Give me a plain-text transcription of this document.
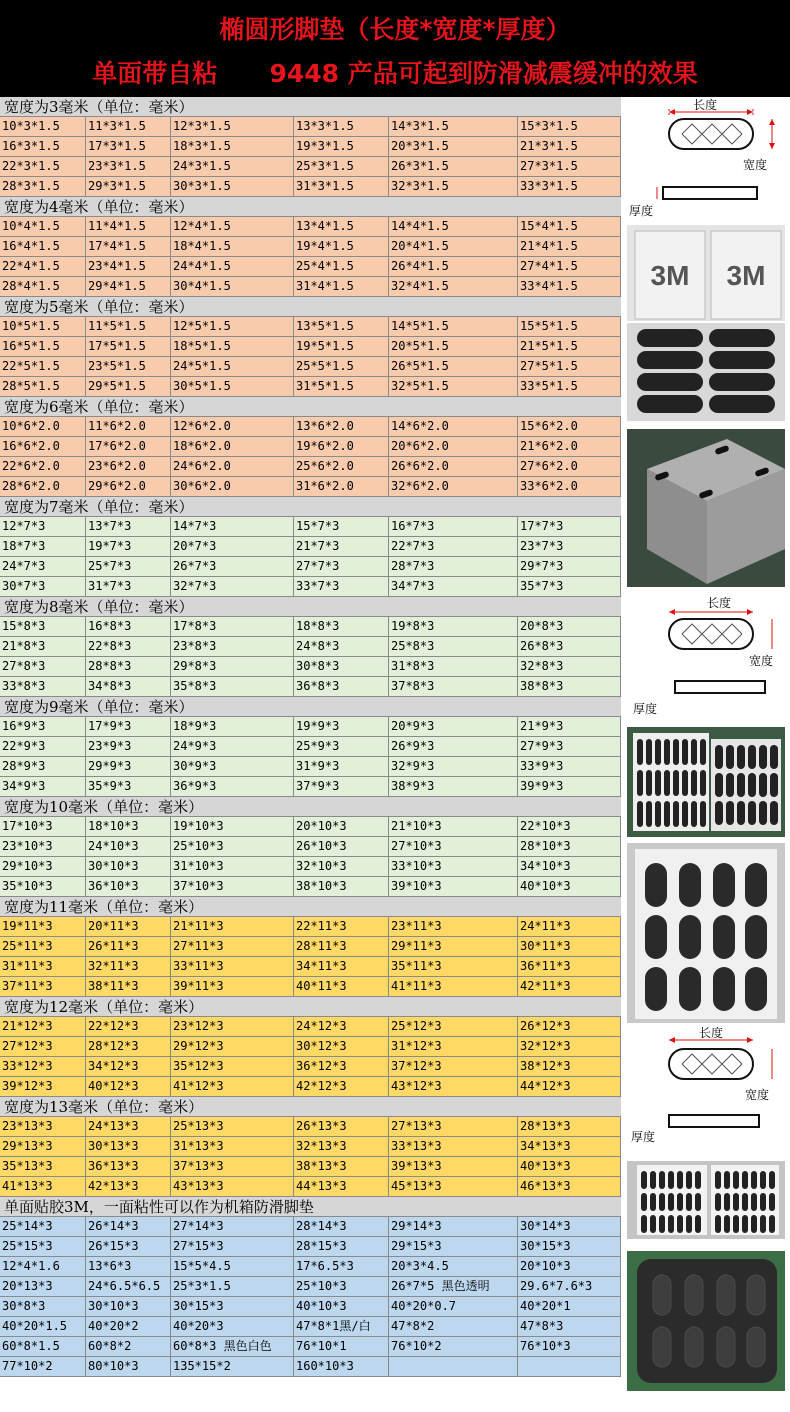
椭圆形脚垫（长度*宽度*厚度）
单面带自粘      9448 产品可起到防滑减震缓冲的效果
宽度为3毫米（单位：毫米）
10*3*1.5	11*3*1.5	12*3*1.5	13*3*1.5	14*3*1.5	15*3*1.5
16*3*1.5	17*3*1.5	18*3*1.5	19*3*1.5	20*3*1.5	21*3*1.5
22*3*1.5	23*3*1.5	24*3*1.5	25*3*1.5	26*3*1.5	27*3*1.5
28*3*1.5	29*3*1.5	30*3*1.5	31*3*1.5	32*3*1.5	33*3*1.5
宽度为4毫米（单位：毫米）
10*4*1.5	11*4*1.5	12*4*1.5	13*4*1.5	14*4*1.5	15*4*1.5
16*4*1.5	17*4*1.5	18*4*1.5	19*4*1.5	20*4*1.5	21*4*1.5
22*4*1.5	23*4*1.5	24*4*1.5	25*4*1.5	26*4*1.5	27*4*1.5
28*4*1.5	29*4*1.5	30*4*1.5	31*4*1.5	32*4*1.5	33*4*1.5
宽度为5毫米（单位：毫米）
10*5*1.5	11*5*1.5	12*5*1.5	13*5*1.5	14*5*1.5	15*5*1.5
16*5*1.5	17*5*1.5	18*5*1.5	19*5*1.5	20*5*1.5	21*5*1.5
22*5*1.5	23*5*1.5	24*5*1.5	25*5*1.5	26*5*1.5	27*5*1.5
28*5*1.5	29*5*1.5	30*5*1.5	31*5*1.5	32*5*1.5	33*5*1.5
宽度为6毫米（单位：毫米）
10*6*2.0	11*6*2.0	12*6*2.0	13*6*2.0	14*6*2.0	15*6*2.0
16*6*2.0	17*6*2.0	18*6*2.0	19*6*2.0	20*6*2.0	21*6*2.0
22*6*2.0	23*6*2.0	24*6*2.0	25*6*2.0	26*6*2.0	27*6*2.0
28*6*2.0	29*6*2.0	30*6*2.0	31*6*2.0	32*6*2.0	33*6*2.0
宽度为7毫米（单位：毫米）
12*7*3	13*7*3	14*7*3	15*7*3	16*7*3	17*7*3
18*7*3	19*7*3	20*7*3	21*7*3	22*7*3	23*7*3
24*7*3	25*7*3	26*7*3	27*7*3	28*7*3	29*7*3
30*7*3	31*7*3	32*7*3	33*7*3	34*7*3	35*7*3
宽度为8毫米（单位：毫米）
15*8*3	16*8*3	17*8*3	18*8*3	19*8*3	20*8*3
21*8*3	22*8*3	23*8*3	24*8*3	25*8*3	26*8*3
27*8*3	28*8*3	29*8*3	30*8*3	31*8*3	32*8*3
33*8*3	34*8*3	35*8*3	36*8*3	37*8*3	38*8*3
宽度为9毫米（单位：毫米）
16*9*3	17*9*3	18*9*3	19*9*3	20*9*3	21*9*3
22*9*3	23*9*3	24*9*3	25*9*3	26*9*3	27*9*3
28*9*3	29*9*3	30*9*3	31*9*3	32*9*3	33*9*3
34*9*3	35*9*3	36*9*3	37*9*3	38*9*3	39*9*3
宽度为10毫米（单位：毫米）
17*10*3	18*10*3	19*10*3	20*10*3	21*10*3	22*10*3
23*10*3	24*10*3	25*10*3	26*10*3	27*10*3	28*10*3
29*10*3	30*10*3	31*10*3	32*10*3	33*10*3	34*10*3
35*10*3	36*10*3	37*10*3	38*10*3	39*10*3	40*10*3
宽度为11毫米（单位：毫米）
19*11*3	20*11*3	21*11*3	22*11*3	23*11*3	24*11*3
25*11*3	26*11*3	27*11*3	28*11*3	29*11*3	30*11*3
31*11*3	32*11*3	33*11*3	34*11*3	35*11*3	36*11*3
37*11*3	38*11*3	39*11*3	40*11*3	41*11*3	42*11*3
宽度为12毫米（单位：毫米）
21*12*3	22*12*3	23*12*3	24*12*3	25*12*3	26*12*3
27*12*3	28*12*3	29*12*3	30*12*3	31*12*3	32*12*3
33*12*3	34*12*3	35*12*3	36*12*3	37*12*3	38*12*3
39*12*3	40*12*3	41*12*3	42*12*3	43*12*3	44*12*3
宽度为13毫米（单位：毫米）
23*13*3	24*13*3	25*13*3	26*13*3	27*13*3	28*13*3
29*13*3	30*13*3	31*13*3	32*13*3	33*13*3	34*13*3
35*13*3	36*13*3	37*13*3	38*13*3	39*13*3	40*13*3
41*13*3	42*13*3	43*13*3	44*13*3	45*13*3	46*13*3
单面贴胶3M，一面粘性可以作为机箱防滑脚垫
25*14*3	26*14*3	27*14*3	28*14*3	29*14*3	30*14*3
25*15*3	26*15*3	27*15*3	28*15*3	29*15*3	30*15*3
12*4*1.6	13*6*3	15*5*4.5	17*6.5*3	20*3*4.5	20*10*3
20*13*3	24*6.5*6.5	25*3*1.5	25*10*3	26*7*5 黑色透明	29.6*7.6*3
30*8*3	30*10*3	30*15*3	40*10*3	40*20*0.7	40*20*1
40*20*1.5	40*20*2	40*20*3	47*8*1黑/白	47*8*2	47*8*3
60*8*1.5	60*8*2	60*8*3 黑色白色	76*10*1	76*10*2	76*10*3
77*10*2	80*10*3	135*15*2	160*10*3
长度
宽度
厚度
3M 3M
长度
宽度
厚度
长度
宽度
厚度
